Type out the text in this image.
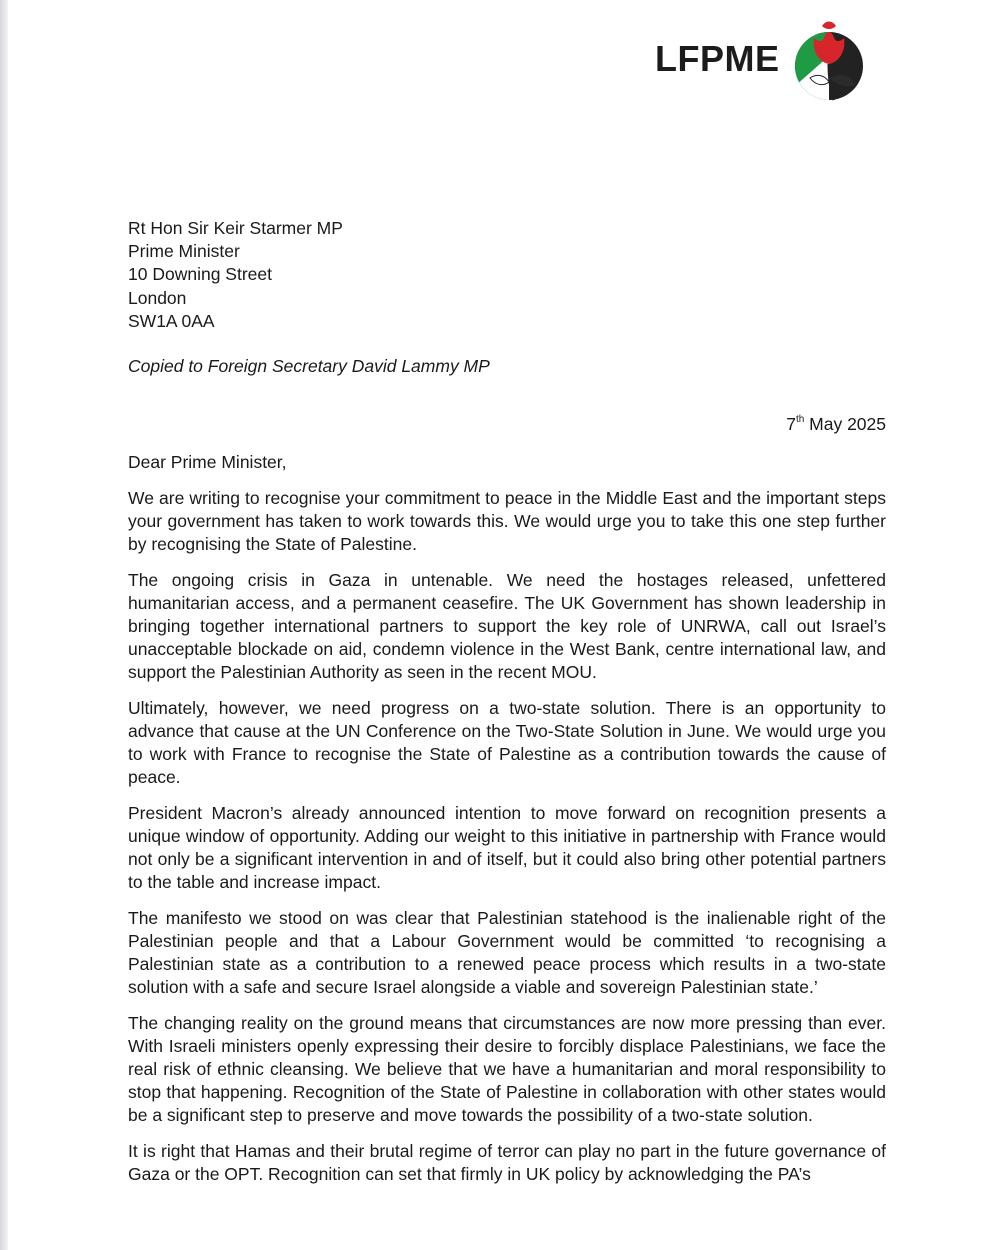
LFPME
Rt Hon Sir Keir Starmer MP
Prime Minister
10 Downing Street
London
SW1A 0AA
Copied to Foreign Secretary David Lammy MP
7th May 2025
Dear Prime Minister,

We are writing to recognise your commitment to peace in the Middle East and the important steps your government has taken to work towards this. We would urge you to take this one step further by recognising the State of Palestine.

The ongoing crisis in Gaza in untenable. We need the hostages released, unfettered humanitarian access, and a permanent ceasefire. The UK Government has shown leadership in bringing together international partners to support the key role of UNRWA, call out Israel’s unacceptable blockade on aid, condemn violence in the West Bank, centre international law, and support the Palestinian Authority as seen in the recent MOU.

Ultimately, however, we need progress on a two-state solution. There is an opportunity to advance that cause at the UN Conference on the Two-State Solution in June. We would urge you to work with France to recognise the State of Palestine as a contribution towards the cause of peace.

President Macron’s already announced intention to move forward on recognition presents a unique window of opportunity. Adding our weight to this initiative in partnership with France would not only be a significant intervention in and of itself, but it could also bring other potential partners to the table and increase impact.

The manifesto we stood on was clear that Palestinian statehood is the inalienable right of the Palestinian people and that a Labour Government would be committed ‘to recognising a Palestinian state as a contribution to a renewed peace process which results in a two-state solution with a safe and secure Israel alongside a viable and sovereign Palestinian state.’

The changing reality on the ground means that circumstances are now more pressing than ever. With Israeli ministers openly expressing their desire to forcibly displace Palestinians, we face the real risk of ethnic cleansing. We believe that we have a humanitarian and moral responsibility to stop that happening. Recognition of the State of Palestine in collaboration with other states would be a significant step to preserve and move towards the possibility of a two-state solution.

It is right that Hamas and their brutal regime of terror can play no part in the future governance of Gaza or the OPT. Recognition can set that firmly in UK policy by acknowledging the PA’s
